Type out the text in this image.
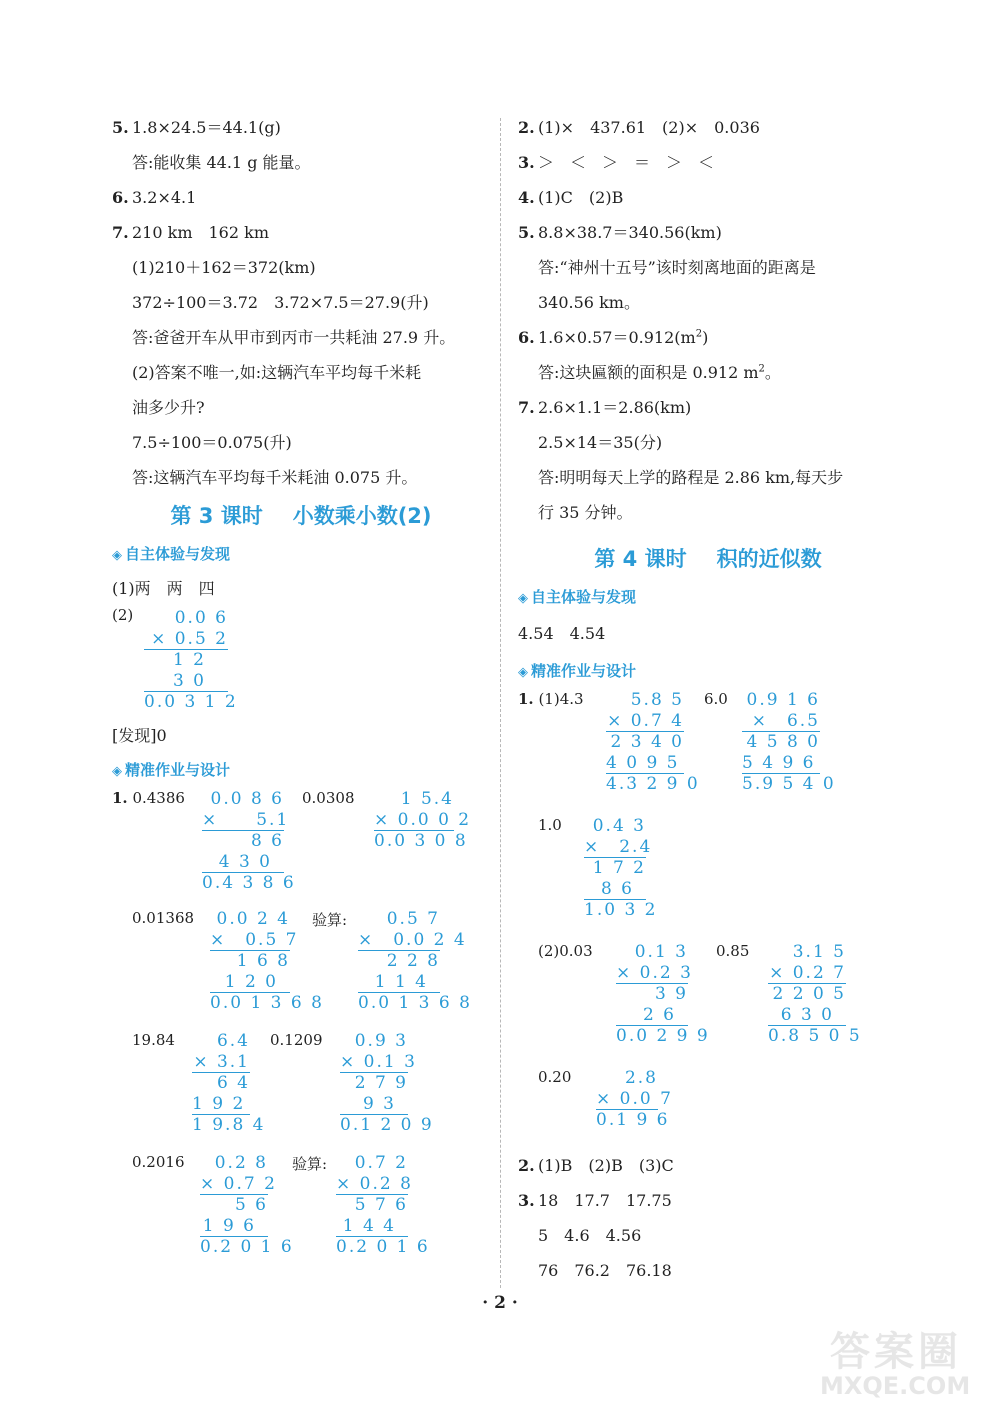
5. 1.8×24.5＝44.1(g)
答:能收集 44.1 g 能量。
6. 3.2×4.1
7. 210 km　162 km
(1)210＋162＝372(km)
372÷100＝3.72　3.72×7.5＝27.9(升)
答:爸爸开车从甲市到丙市一共耗油 27.9 升。
(2)答案不唯一,如:这辆汽车平均每千米耗
油多少升?
7.5÷100＝0.075(升)
答:这辆汽车平均每千米耗油 0.075 升。
第 3 课时 小数乘小数(2)
◈ 自主体验与发现
(1)两　两　四
(2)	0.0 6
× 0.5 2
1 2
3 0
0.0 3 1 2
[发现]0
◈ 精准作业与设计
1. 0.4386	0.0 8 6
×　　5.1
8 6
4 3 0
0.4 3 8 6
0.0308	1 5.4
× 0.0 0 2
0.0 3 0 8
0.01368	0.0 2 4
×　0.5 7
1 6 8
1 2 0
0.0 1 3 6 8
验算:	0.5 7
×　0.0 2 4
2 2 8
1 1 4
0.0 1 3 6 8
19.84	6.4
× 3.1
6 4
1 9 2
1 9.8 4
0.1209	0.9 3
× 0.1 3
2 7 9
9 3
0.1 2 0 9
0.2016	0.2 8
× 0.7 2
5 6
1 9 6
0.2 0 1 6
验算:	0.7 2
× 0.2 8
5 7 6
1 4 4
0.2 0 1 6
2. (1)×　437.61　(2)×　0.036
3. ＞　＜　＞　＝　＞　＜
4. (1)C　(2)B
5. 8.8×38.7＝340.56(km)
答:“神州十五号”该时刻离地面的距离是
340.56 km。
6. $1.6\times 0.57=0.912(m^2)$
答:这块匾额的面积是 0.912 $m^2$。
7. 2.6×1.1＝2.86(km)
2.5×14＝35(分)
答:明明每天上学的路程是 2.86 km,每天步
行 35 分钟。
第 4 课时 积的近似数
◈ 自主体验与发现
4.54　4.54
◈ 精准作业与设计
1. (1)4.3	5.8 5
× 0.7 4
2 3 4 0
4 0 9 5
4.3 2 9 0
6.0 0.9 1 6
×　6.5
4 5 8 0
5 4 9 6
5.9 5 4 0
1.0	0.4 3
×　2.4
1 7 2
8 6
1.0 3 2
(2)0.03	0.1 3
× 0.2 3
3 9
2 6
0.0 2 9 9
0.85	3.1 5
× 0.2 7
2 2 0 5
6 3 0
0.8 5 0 5
0.20	2.8
× 0.0 7
0.1 9 6
2. (1)B　(2)B　(3)C
3. 18　17.7　17.75
5　4.6　4.56
76　76.2　76.18
· 2 ·
答案圈
MXQE.COM
